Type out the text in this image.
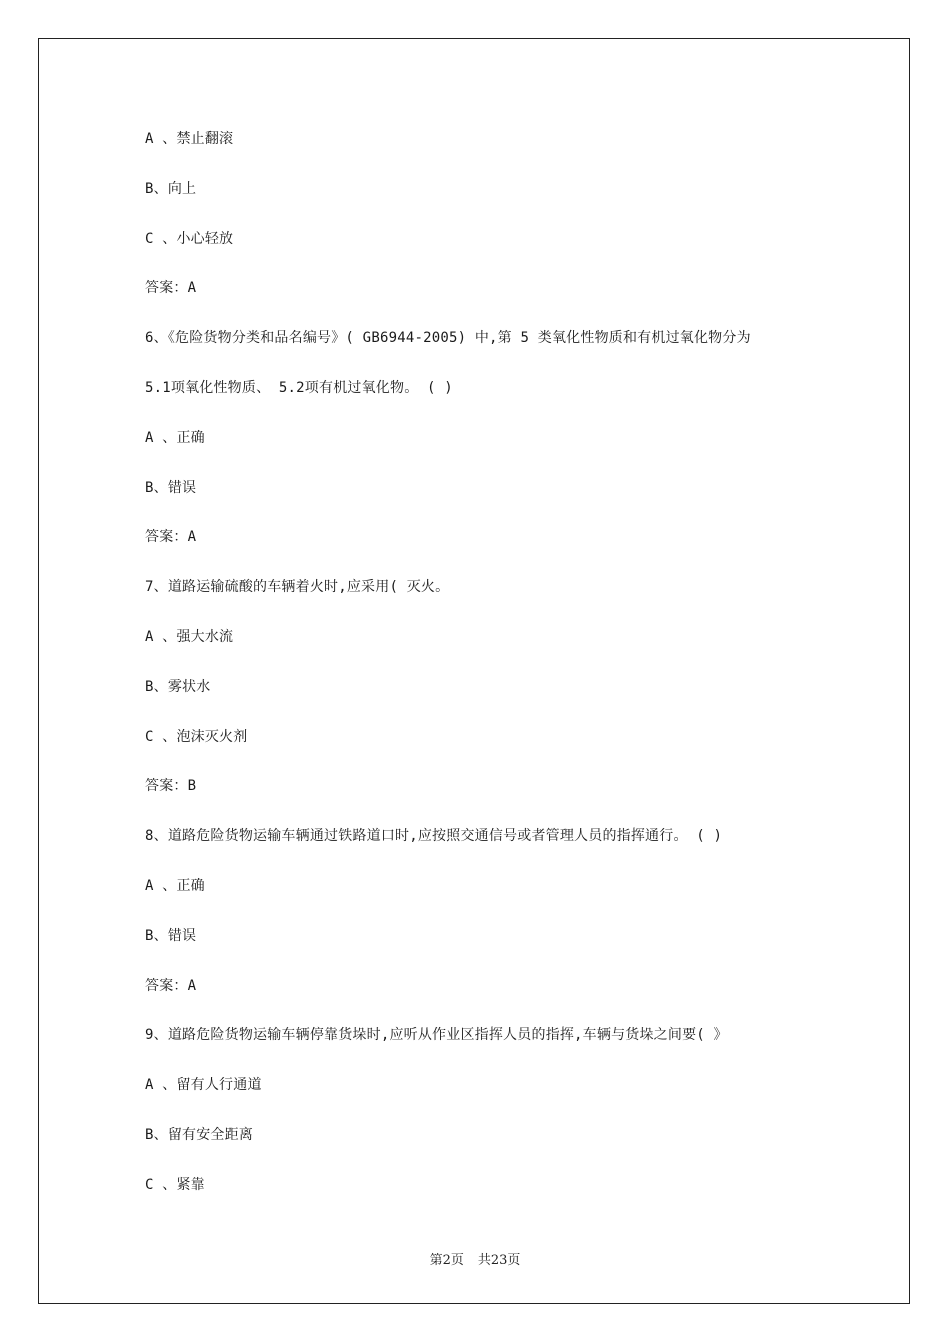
A 、禁止翻滚
B、向上
C 、小心轻放
答案：A
6、《危险货物分类和品名编号》( GB6944-2005) 中,第 5 类氧化性物质和有机过氧化物分为
5.1项氧化性物质、 5.2项有机过氧化物。 ( )
A 、正确
B、错误
答案：A
7、道路运输硫酸的车辆着火时,应采用( 灭火。
A 、强大水流
B、雾状水
C 、泡沫灭火剂
答案：B
8、道路危险货物运输车辆通过铁路道口时,应按照交通信号或者管理人员的指挥通行。 ( )
A 、正确
B、错误
答案：A
9、道路危险货物运输车辆停靠货垛时,应听从作业区指挥人员的指挥,车辆与货垛之间要( 》
A 、留有人行通道
B、留有安全距离
C 、紧靠
第2页 共23页
